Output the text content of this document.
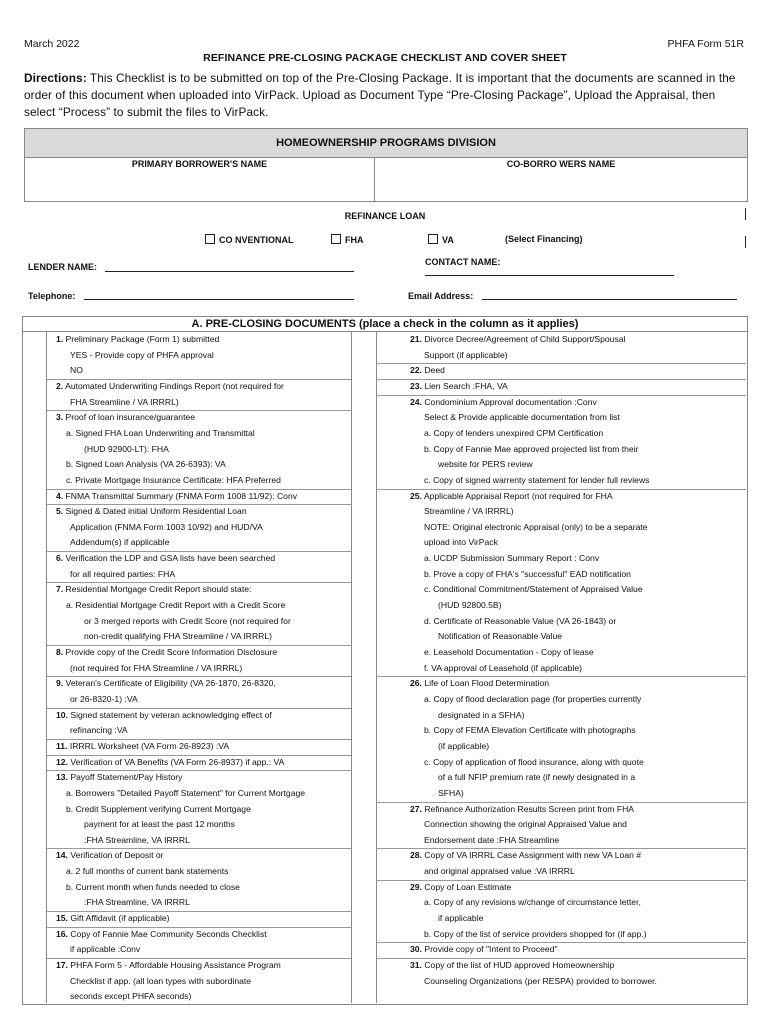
March 2022	PHFA Form 51R
REFINANCE PRE-CLOSING PACKAGE CHECKLIST AND COVER SHEET
Directions: This Checklist is to be submitted on top of the Pre-Closing Package. It is important that the documents are scanned in the order of this document when uploaded into VirPack. Upload as Document Type “Pre-Closing Package”, Upload the Appraisal, then select “Process” to submit the files to VirPack.
HOMEOWNERSHIP PROGRAMS DIVISION
PRIMARY BORROWER'S NAME	CO-BORRO WERS NAME
REFINANCE LOAN
CO NVENTIONAL	FHA	VA	(Select Financing)
LENDER NAME:	CONTACT NAME:
Telephone:	Email Address:
A. PRE-CLOSING DOCUMENTS (place a check in the column as it applies)
1. Preliminary Package (Form 1) submitted
YES - Provide copy of PHFA approval
NO
2. Automated Underwriting Findings Report (not required for
FHA Streamline / VA IRRRL)
3. Proof of loan insurance/guarantee
a. Signed FHA Loan Underwriting and Transmittal
(HUD 92900-LT): FHA
b. Signed Loan Analysis (VA 26-6393): VA
c. Private Mortgage Insurance Certificate: HFA Preferred
4. FNMA Transmittal Summary (FNMA Form 1008 11/92): Conv
5. Signed & Dated initial Uniform Residential Loan
Application (FNMA Form 1003 10/92) and HUD/VA
Addendum(s) if applicable
6. Verification the LDP and GSA lists have been searched
for all required parties: FHA
7. Residential Mortgage Credit Report should state:
a. Residential Mortgage Credit Report with a Credit Score
or 3 merged reports with Credit Score (not required for
non-credit qualifying FHA Streamline / VA IRRRL)
8. Provide copy of the Credit Score Information Disclosure
(not required for FHA Streamline / VA IRRRL)
9. Veteran's Certificate of Eligibility (VA 26-1870, 26-8320,
or 26-8320-1) :VA
10. Signed statement by veteran acknowledging effect of
refinancing :VA
11. IRRRL Worksheet (VA Form 26-8923) :VA
12. Verification of VA Benefits (VA Form 26-8937) if app.: VA
13. Payoff Statement/Pay History
a. Borrowers "Detailed Payoff Statement" for Current Mortgage
b. Credit Supplement verifying Current Mortgage
payment for at least the past 12 months
:FHA Streamline, VA IRRRL
14. Verification of Deposit or
a. 2 full months of current bank statements
b. Current month when funds needed to close
:FHA Streamline, VA IRRRL
15. Gift Affidavit (if applicable)
16. Copy of Fannie Mae Community Seconds Checklist
if applicable :Conv
17. PHFA Form 5 - Affordable Housing Assistance Program
Checklist if app. (all loan types with subordinate
seconds except PHFA seconds)
21. Divorce Decree/Agreement of Child Support/Spousal
Support (if applicable)
22. Deed
23. Lien Search :FHA, VA
24. Condominium Approval documentation :Conv
Select & Provide applicable documentation from list
a. Copy of lenders unexpired CPM Certification
b. Copy of Fannie Mae approved projected list from their
website for PERS review
c. Copy of signed warrenty statement for lender full reviews
25. Applicable Appraisal Report (not required for FHA
Streamline / VA IRRRL)
NOTE: Original electronic Appraisal (only) to be a separate
upload into VirPack
a. UCDP Submission Summary Report : Conv
b. Prove a copy of FHA's "successful" EAD notification
c. Conditional Commitment/Statement of Appraised Value
(HUD 92800.5B)
d. Certificate of Reasonable Value (VA 26-1843) or
Notification of Reasonable Value
e. Leasehold Documentation - Copy of lease
f. VA approval of Leasehold (if applicable)
26. Life of Loan Flood Determination
a. Copy of flood declaration page (for properties currently
designated in a SFHA)
b. Copy of FEMA Elevation Certificate with photographs
(if applicable)
c. Copy of application of flood insurance, along with quote
of a full NFIP premium rate (if newly designated in a
SFHA)
27. Refinance Authorization Results Screen print from FHA
Connection showing the original Appraised Value and
Endorsement date :FHA Streamline
28. Copy of VA IRRRL Case Assignment with new VA Loan #
and original appraised value :VA IRRRL
29. Copy of Loan Estimate
a. Copy of any revisions w/change of circumstance letter,
if applicable
b. Copy of the list of service providers shopped for (if app.)
30. Provide copy of "Intent to Proceed"
31. Copy of the list of HUD approved Homeownership
Counseling Organizations (per RESPA) provided to borrower.
